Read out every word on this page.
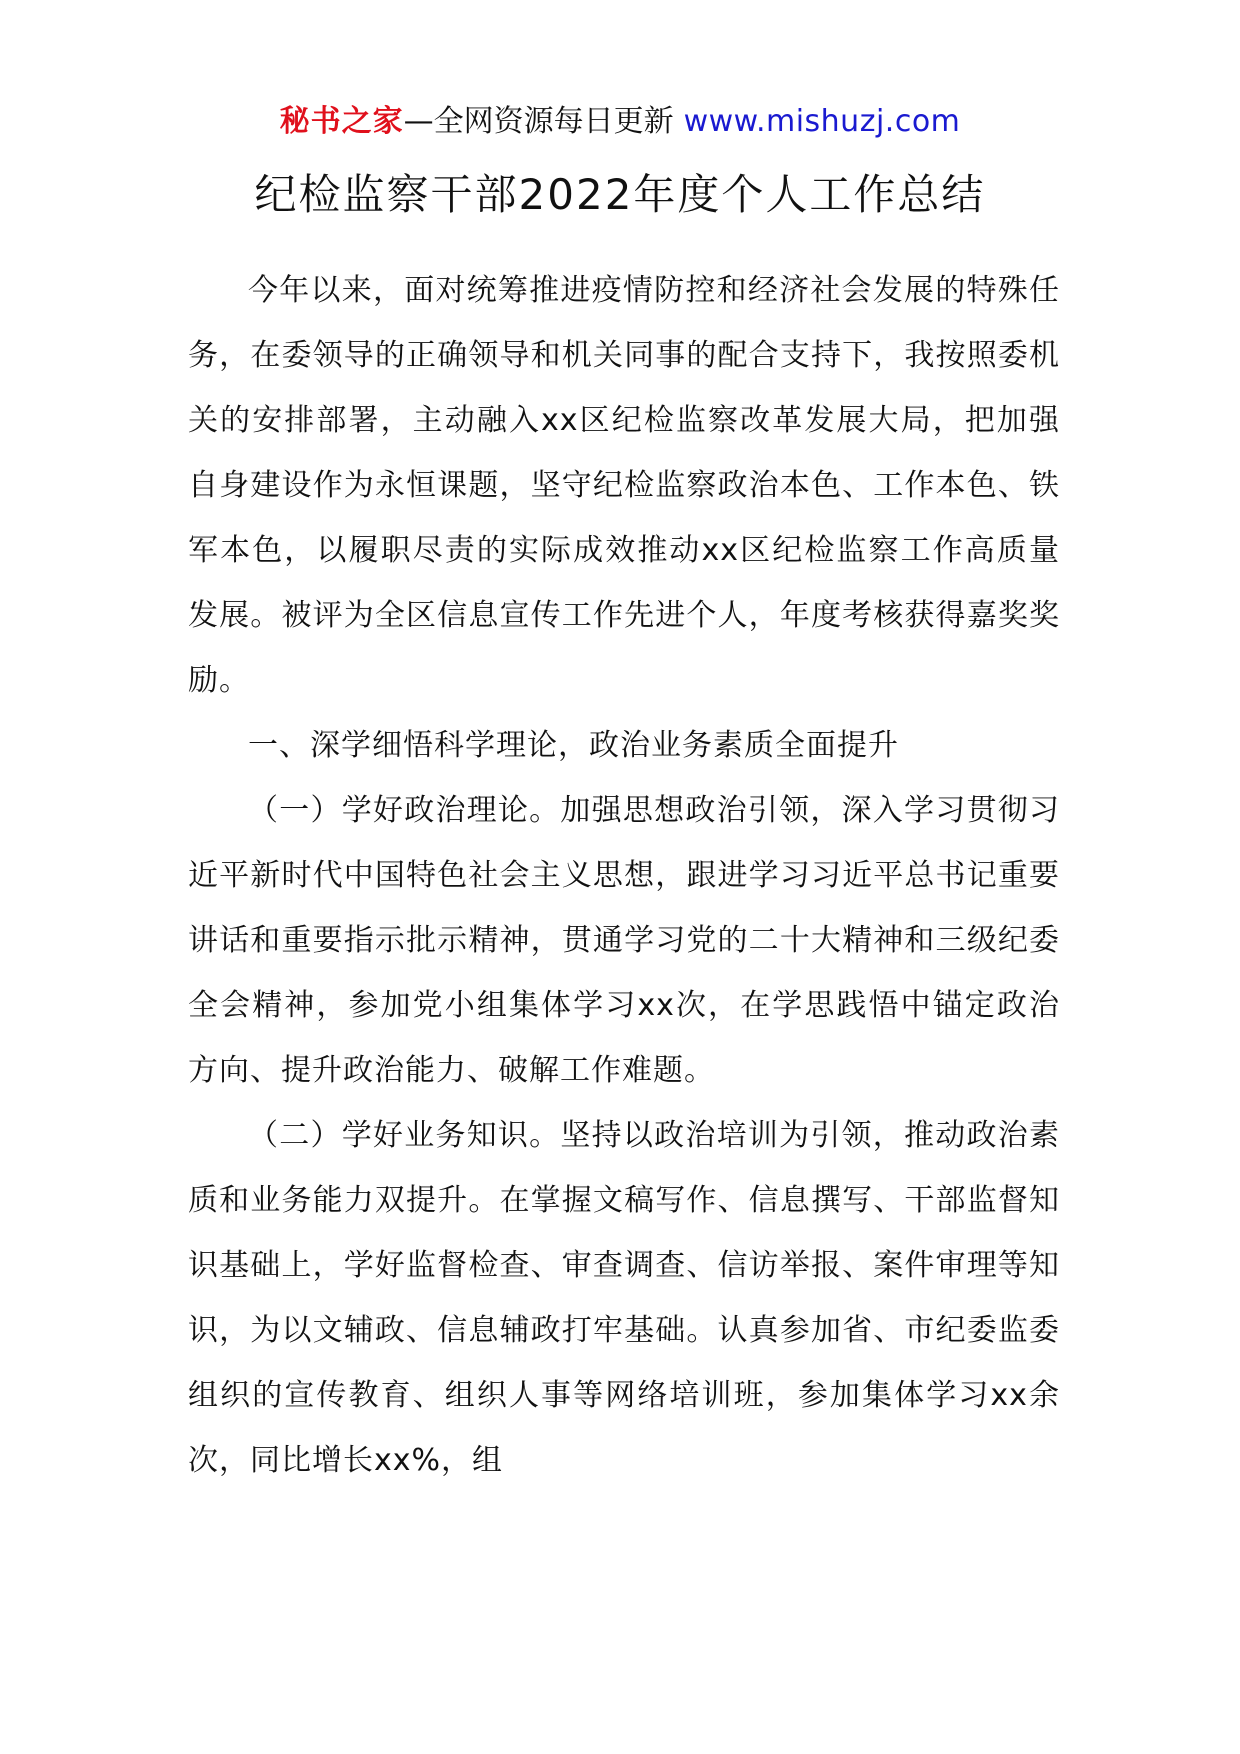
秘书之家—全网资源每日更新 www.mishuzj.com
纪检监察干部2022年度个人工作总结

今年以来，面对统筹推进疫情防控和经济社会发展的特殊任务，在委领导的正确领导和机关同事的配合支持下，我按照委机关的安排部署，主动融入xx区纪检监察改革发展大局，把加强自身建设作为永恒课题，坚守纪检监察政治本色、工作本色、铁军本色，以履职尽责的实际成效推动xx区纪检监察工作高质量发展。被评为全区信息宣传工作先进个人，年度考核获得嘉奖奖励。

一、深学细悟科学理论，政治业务素质全面提升

（一）学好政治理论。加强思想政治引领，深入学习贯彻习近平新时代中国特色社会主义思想，跟进学习习近平总书记重要讲话和重要指示批示精神，贯通学习党的二十大精神和三级纪委全会精神，参加党小组集体学习xx次，在学思践悟中锚定政治方向、提升政治能力、破解工作难题。

（二）学好业务知识。坚持以政治培训为引领，推动政治素质和业务能力双提升。在掌握文稿写作、信息撰写、干部监督知识基础上，学好监督检查、审查调查、信访举报、案件审理等知识，为以文辅政、信息辅政打牢基础。认真参加省、市纪委监委组织的宣传教育、组织人事等网络培训班，参加集体学习xx余次，同比增长xx%，组
